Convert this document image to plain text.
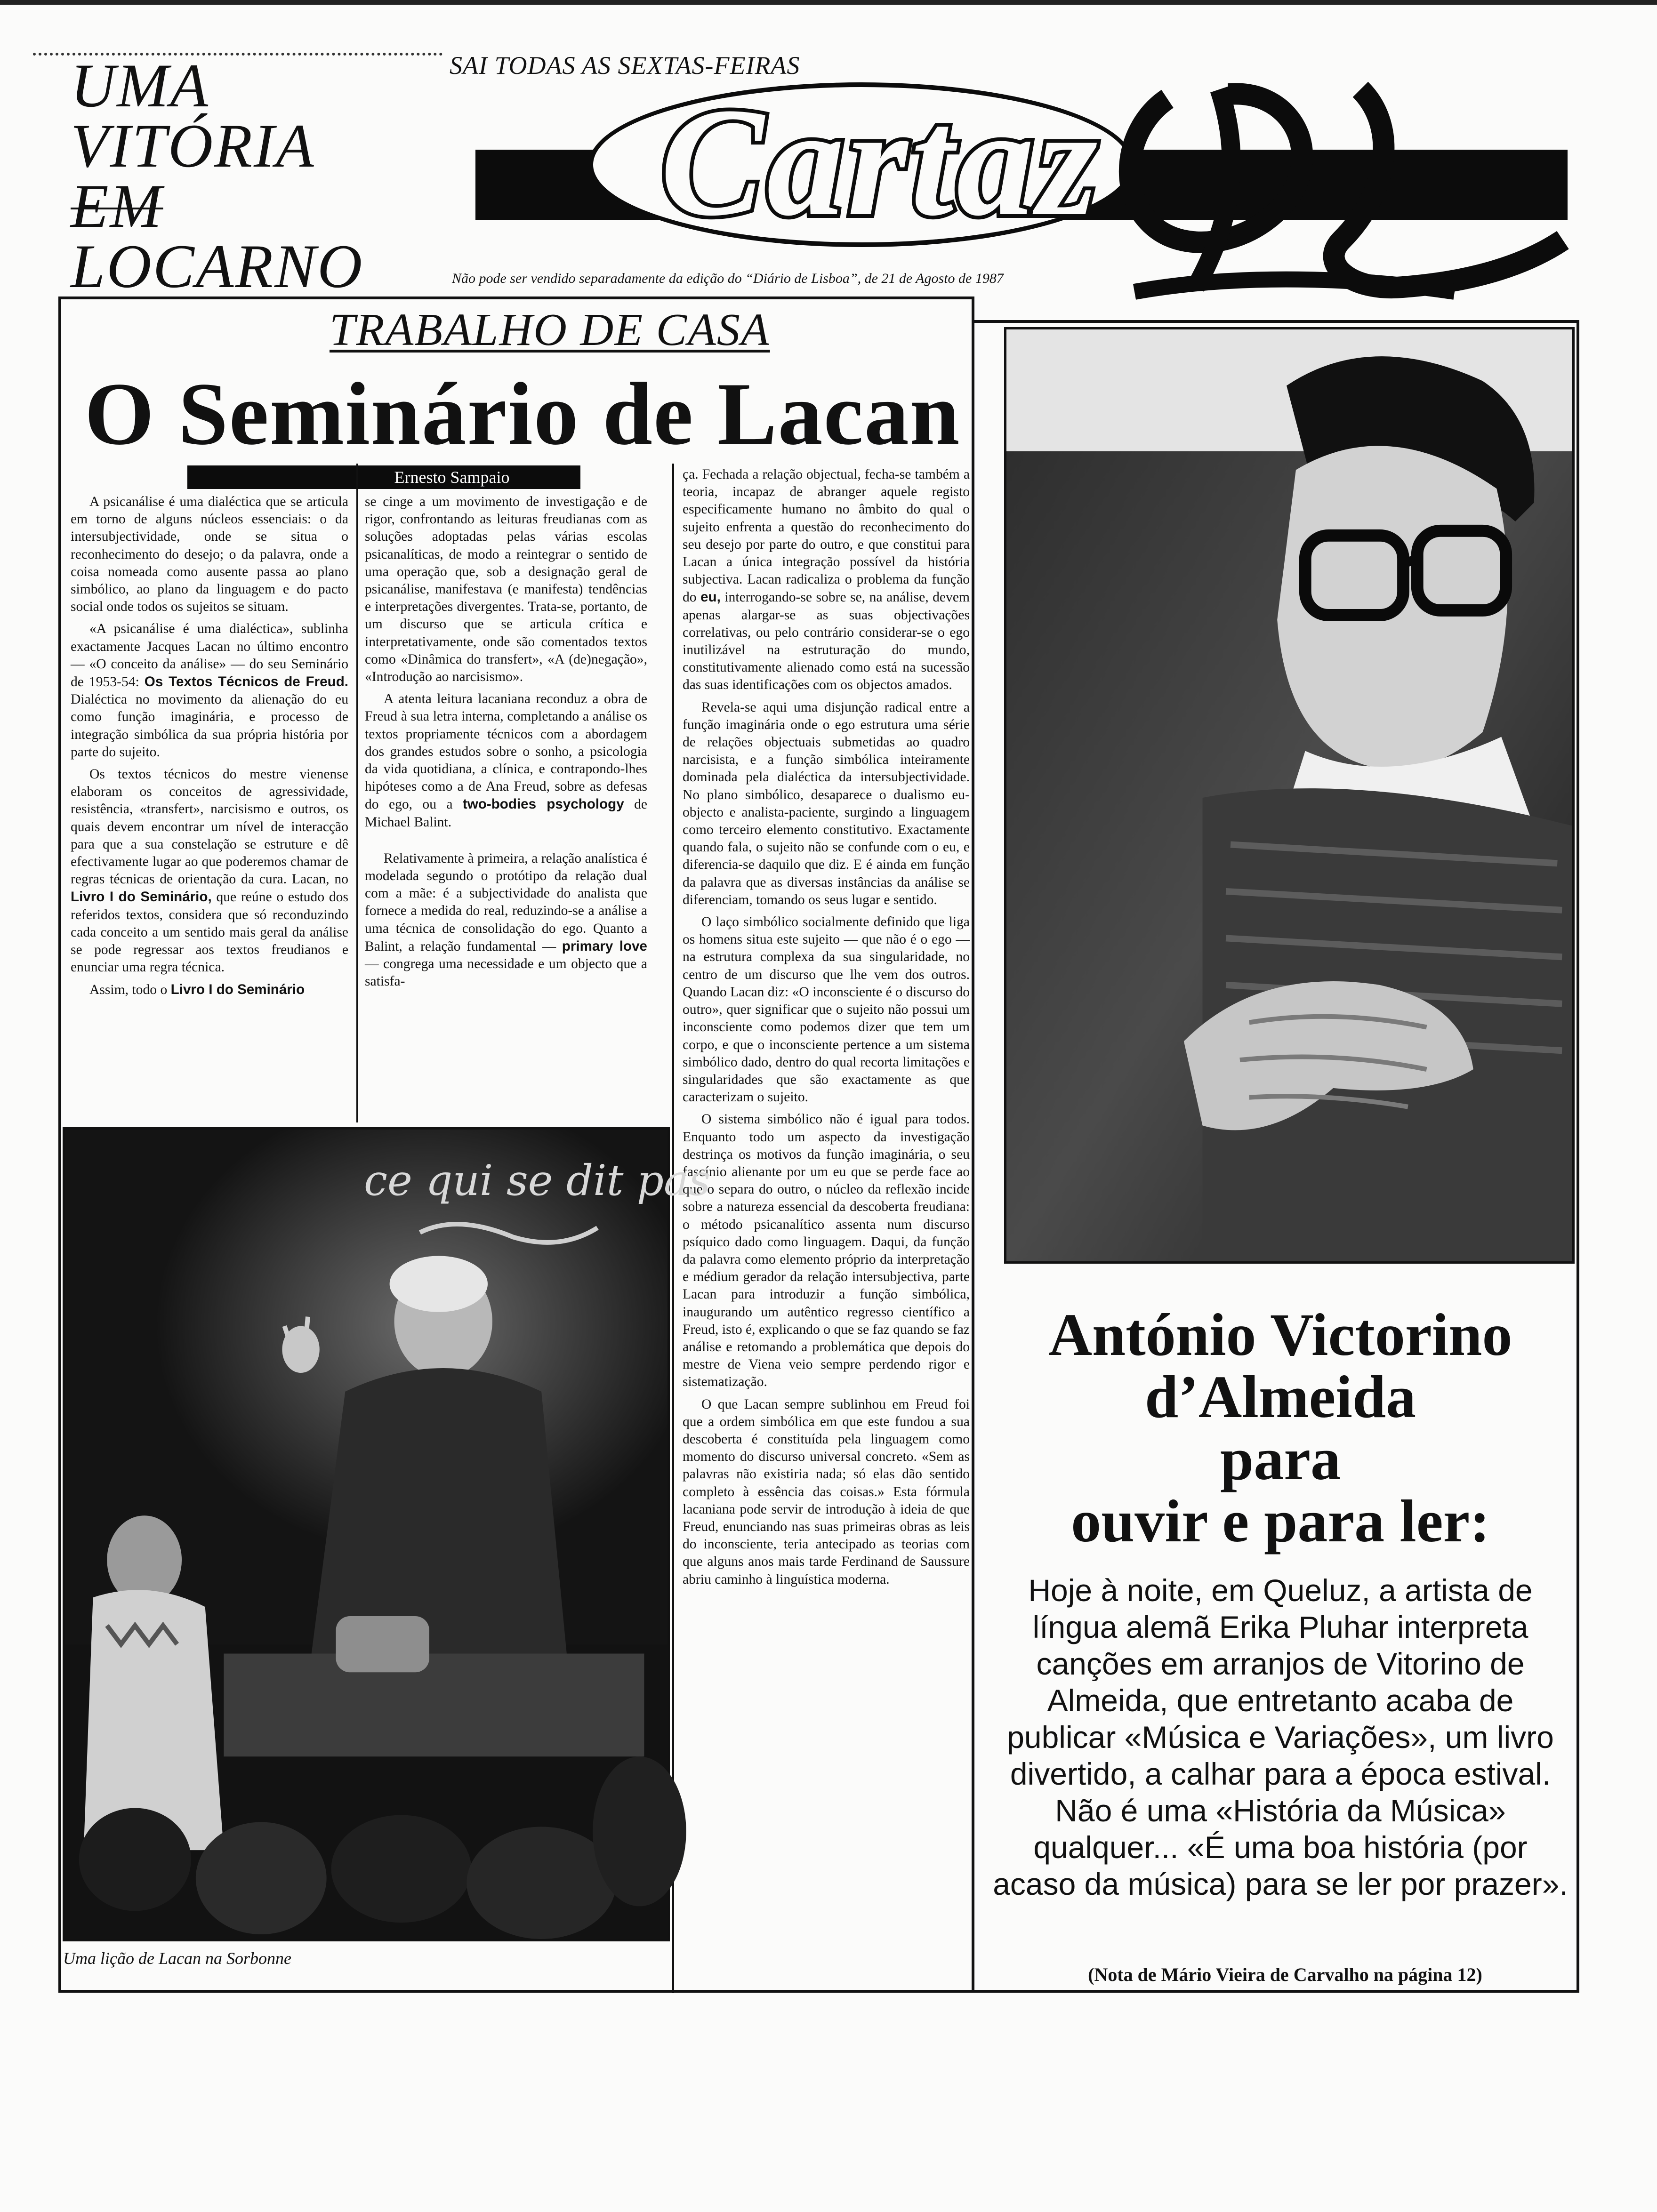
UMA
VITÓRIA
EM
LOCARNO
SAI TODAS AS SEXTAS-FEIRAS
Cartaz
Não pode ser vendido separadamente da edição do “Diário de Lisboa”, de 21 de Agosto de 1987
TRABALHO DE CASA
O Seminário de Lacan
Ernesto Sampaio

A psicanálise é uma dialéctica que se articula em torno de alguns núcleos essenciais: o da intersubjectividade, onde se situa o reconhecimento do desejo; o da palavra, onde a coisa nomeada como ausente passa ao plano simbólico, ao plano da linguagem e do pacto social onde todos os sujeitos se situam.

«A psicanálise é uma dialéctica», sublinha exactamente Jacques Lacan no último encontro — «O conceito da análise» — do seu Seminário de 1953-54: Os Textos Técnicos de Freud. Dialéctica no movimento da alienação do eu como função imaginária, e processo de integração simbólica da sua própria história por parte do sujeito.

Os textos técnicos do mestre vienense elaboram os conceitos de agressividade, resistência, «transfert», narcisismo e outros, os quais devem encontrar um nível de interacção para que a sua constelação se estruture e dê efectivamente lugar ao que poderemos chamar de regras técnicas de orientação da cura. Lacan, no Livro I do Seminário, que reúne o estudo dos referidos textos, considera que só reconduzindo cada conceito a um sentido mais geral da análise se pode regressar aos textos freudianos e enunciar uma regra técnica.

Assim, todo o Livro I do Seminário

se cinge a um movimento de investigação e de rigor, confrontando as leituras freudianas com as soluções adoptadas pelas várias escolas psicanalíticas, de modo a reintegrar o sentido de uma operação que, sob a designação geral de psicanálise, manifestava (e manifesta) tendências e interpretações divergentes. Trata-se, portanto, de um discurso que se articula crítica e interpretativamente, onde são comentados textos como «Dinâmica do transfert», «A (de)negação», «Introdução ao narcisismo».

A atenta leitura lacaniana reconduz a obra de Freud à sua letra interna, completando a análise os textos propriamente técnicos com a abordagem dos grandes estudos sobre o sonho, a psicologia da vida quotidiana, a clínica, e contrapondo-lhes hipóteses como a de Ana Freud, sobre as defesas do ego, ou a two-bodies psychology de Michael Balint.

Relativamente à primeira, a relação analística é modelada segundo o protótipo da relação dual com a mãe: é a subjectividade do analista que fornece a medida do real, reduzindo-se a análise a uma técnica de consolidação do ego. Quanto a Balint, a relação fundamental — primary love — congrega uma necessidade e um objecto que a satisfa-

ça. Fechada a relação objectual, fecha-se também a teoria, incapaz de abranger aquele registo especificamente humano no âmbito do qual o sujeito enfrenta a questão do reconhecimento do seu desejo por parte do outro, e que constitui para Lacan a única integração possível da história subjectiva. Lacan radicaliza o problema da função do eu, interrogando-se sobre se, na análise, devem apenas alargar-se as suas objectivações correlativas, ou pelo contrário considerar-se o ego inutilizável na estruturação do mundo, constitutivamente alienado como está na sucessão das suas identificações com os objectos amados.

Revela-se aqui uma disjunção radical entre a função imaginária onde o ego estrutura uma série de relações objectuais submetidas ao quadro narcisista, e a função simbólica inteiramente dominada pela dialéctica da intersubjectividade. No plano simbólico, desaparece o dualismo eu-objecto e analista-paciente, surgindo a linguagem como terceiro elemento constitutivo. Exactamente quando fala, o sujeito não se confunde com o eu, e diferencia-se daquilo que diz. E é ainda em função da palavra que as diversas instâncias da análise se diferenciam, tomando os seus lugar e sentido.

O laço simbólico socialmente definido que liga os homens situa este sujeito — que não é o ego — na estrutura complexa da sua singularidade, no centro de um discurso que lhe vem dos outros. Quando Lacan diz: «O inconsciente é o discurso do outro», quer significar que o sujeito não possui um inconsciente como podemos dizer que tem um corpo, e que o inconsciente pertence a um sistema simbólico dado, dentro do qual recorta limitações e singularidades que são exactamente as que caracterizam o sujeito.

O sistema simbólico não é igual para todos. Enquanto todo um aspecto da investigação destrinça os motivos da função imaginária, o seu fascínio alienante por um eu que se perde face ao que o separa do outro, o núcleo da reflexão incide sobre a natureza essencial da descoberta freudiana: o método psicanalítico assenta num discurso psíquico dado como linguagem. Daqui, da função da palavra como elemento próprio da interpretação e médium gerador da relação intersubjectiva, parte Lacan para introduzir a função simbólica, inaugurando um autêntico regresso científico a Freud, isto é, explicando o que se faz quando se faz análise e retomando a problemática que depois do mestre de Viena veio sempre perdendo rigor e sistematização.

O que Lacan sempre sublinhou em Freud foi que a ordem simbólica em que este fundou a sua descoberta é constituída pela linguagem como momento do discurso universal concreto. «Sem as palavras não existiria nada; só elas dão sentido completo à essência das coisas.» Esta fórmula lacaniana pode servir de introdução à ideia de que Freud, enunciando nas suas primeiras obras as leis do inconsciente, teria antecipado as teorias com que alguns anos mais tarde Ferdinand de Saussure abriu caminho à linguística moderna.

ce qui se dit pas
Uma lição de Lacan na Sorbonne
António Victorino
d’Almeida
para
ouvir e para ler:
Hoje à noite, em Queluz, a artista de língua alemã Erika Pluhar interpreta canções em arranjos de Vitorino de Almeida, que entretanto acaba de publicar «Música e Variações», um livro divertido, a calhar para a época estival. Não é uma «História da Música» qualquer... «É uma boa história (por acaso da música) para se ler por prazer».
(Nota de Mário Vieira de Carvalho na página 12)
